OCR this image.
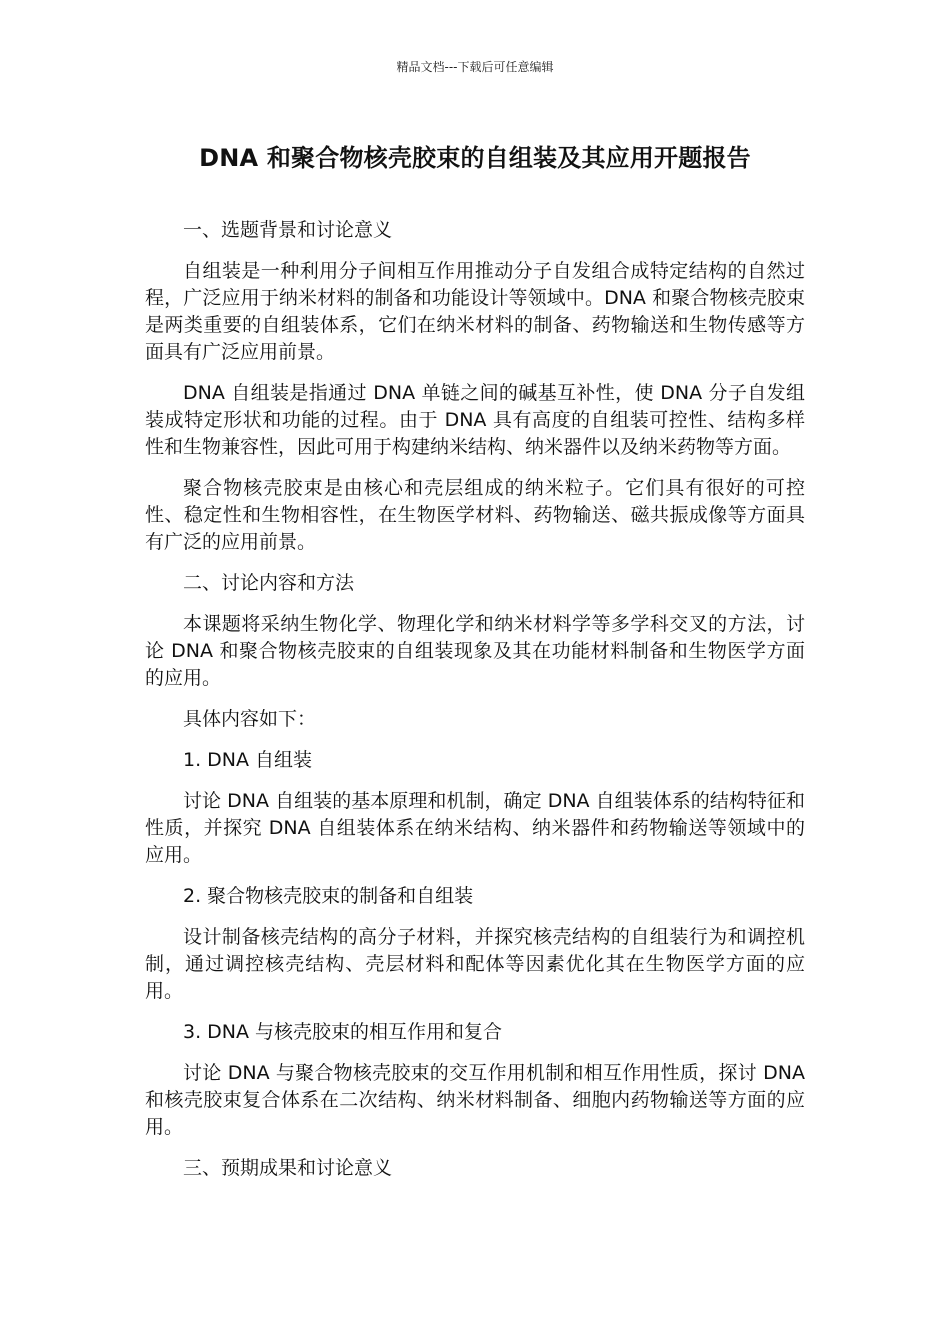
精品文档---下载后可任意编辑
DNA 和聚合物核壳胶束的自组装及其应用开题报告

一、选题背景和讨论意义

自组装是一种利用分子间相互作用推动分子自发组合成特定结构的自然过程，广泛应用于纳米材料的制备和功能设计等领域中。DNA 和聚合物核壳胶束是两类重要的自组装体系，它们在纳米材料的制备、药物输送和生物传感等方面具有广泛应用前景。

DNA 自组装是指通过 DNA 单链之间的碱基互补性，使 DNA 分子自发组装成特定形状和功能的过程。由于 DNA 具有高度的自组装可控性、结构多样性和生物兼容性，因此可用于构建纳米结构、纳米器件以及纳米药物等方面。

聚合物核壳胶束是由核心和壳层组成的纳米粒子。它们具有很好的可控性、稳定性和生物相容性，在生物医学材料、药物输送、磁共振成像等方面具有广泛的应用前景。

二、讨论内容和方法

本课题将采纳生物化学、物理化学和纳米材料学等多学科交叉的方法，讨论 DNA 和聚合物核壳胶束的自组装现象及其在功能材料制备和生物医学方面的应用。

具体内容如下：

1. DNA 自组装

讨论 DNA 自组装的基本原理和机制，确定 DNA 自组装体系的结构特征和性质，并探究 DNA 自组装体系在纳米结构、纳米器件和药物输送等领域中的应用。

2. 聚合物核壳胶束的制备和自组装

设计制备核壳结构的高分子材料，并探究核壳结构的自组装行为和调控机制，通过调控核壳结构、壳层材料和配体等因素优化其在生物医学方面的应用。

3. DNA 与核壳胶束的相互作用和复合

讨论 DNA 与聚合物核壳胶束的交互作用机制和相互作用性质，探讨 DNA 和核壳胶束复合体系在二次结构、纳米材料制备、细胞内药物输送等方面的应用。

三、预期成果和讨论意义
